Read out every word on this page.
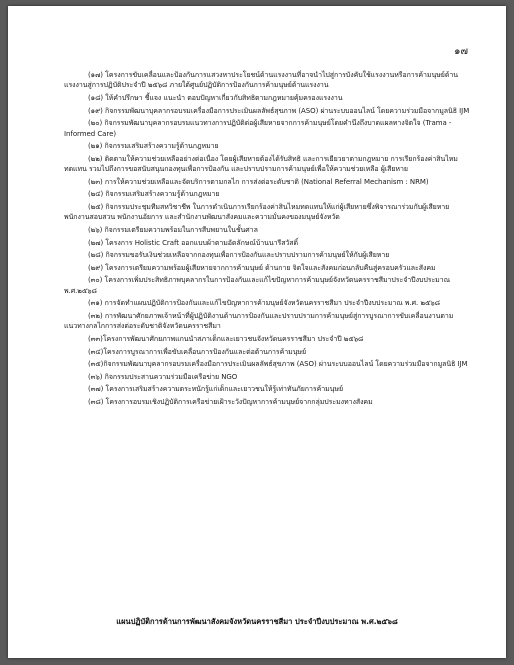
๑๗

(๑๗) โครงการขับเคลื่อนและป้องกันการแสวงหาประโยชน์ด้านแรงงานที่อาจนำไปสู่การบังคับใช้แรงงานหรือการค้ามนุษย์ด้านแรงงานสู่การปฏิบัติประจำปี ๒๕๖๘ ภายใต้ศูนย์ปฏิบัติการป้องกันการค้ามนุษย์ด้านแรงงาน

(๑๘) ให้คำปรึกษา ชี้แจง แนะนำ ตอบปัญหาเกี่ยวกับสิทธิตามกฎหมายคุ้มครองแรงงาน

(๑๙) กิจกรรมพัฒนาบุคลากรอบรมเครื่องมือการประเมินผลลัพธ์สุขภาพ (ASO) ผ่านระบบออนไลน์ โดยความร่วมมือจากมูลนิธิ IJM

(๒๐) กิจกรรมพัฒนาบุคลากรอบรมแนวทางการปฏิบัติต่อผู้เสียหายจากการค้ามนุษย์โดยคำนึงถึงบาดแผลทางจิตใจ (Trama -Informed Care)

(๒๑) กิจกรรมเสริมสร้างความรู้ด้านกฎหมาย

(๒๒) ติดตามให้ความช่วยเหลืออย่างต่อเนื่อง โดยผู้เสียหายต้องได้รับสิทธิ และการเยียวยาตามกฎหมาย การเรียกร้องค่าสินไหม ทดแทน รวมไปถึงการขอสนับสนุนกองทุนเพื่อการป้องกัน และปราบปรามการค้ามนุษย์เพื่อให้ความช่วยเหลือ ผู้เสียหาย

(๒๓) การให้ความช่วยเหลือและจัดบริการตามกลไก การส่งต่อระดับชาติ (National Referral Mechanism : NRM)

(๒๔) กิจกรรมเสริมสร้างความรู้ด้านกฎหมาย

(๒๕) กิจกรรมประชุมทีมสหวิชาชีพ ในการดำเนินการเรียกร้องค่าสินไหมทดแทนให้แก่ผู้เสียหายซึ่งพิจารณาร่วมกับผู้เสียหาย พนักงานสอบสวน พนักงานอัยการ และสำนักงานพัฒนาสังคมและความมั่นคงของมนุษย์จังหวัด

(๒๖) กิจกรรมเตรียมความพร้อมในการสืบพยานในชั้นศาล

(๒๗) โครงการ Holistic Craft ออกแบบผ้าตามอัตลักษณ์บ้านนารีสวัสดิ์

(๒๘) กิจกรรมขอรับเงินช่วยเหลือจากกองทุนเพื่อการป้องกันและปราบปรามการค้ามนุษย์ให้กับผู้เสียหาย

(๒๙) โครงการเตรียมความพร้อมผู้เสียหายจากการค้ามนุษย์ ด้านกาย จิตใจและสังคมก่อนกลับคืนสู่ครอบครัวและสังคม

(๓๐) โครงการเพิ่มประสิทธิภาพบุคลากรในการป้องกันและแก้ไขปัญหาการค้ามนุษย์จังหวัดนครราชสีมาประจำปีงบประมาณ พ.ศ.๒๕๖๘

(๓๑) การจัดทำแผนปฏิบัติการป้องกันและแก้ไขปัญหาการค้ามนุษย์จังหวัดนครราชสีมา ประจำปีงบประมาณ พ.ศ. ๒๕๖๘

(๓๒) การพัฒนาศักยภาพเจ้าหน้าที่ผู้ปฏิบัติงานด้านการป้องกันและปราบปรามการค้ามนุษย์สู่การบูรณาการขับเคลื่อนงานตามแนวทางกลไกการส่งต่อระดับชาติจังหวัดนครราชสีมา

(๓๓)โครงการพัฒนาศักยภาพแกนนำสภาเด็กและเยาวชนจังหวัดนครราชสีมา ประจำปี ๒๕๖๘

(๓๔)โครงการบูรณาการเพื่อขับเคลื่อนการป้องกันและต่อต้านการค้ามนุษย์

(๓๕)กิจกรรมพัฒนาบุคลากรอบรมเครื่องมือการประเมินผลลัพธ์สุขภาพ (ASO) ผ่านระบบออนไลน์ โดยความร่วมมือจากมูลนิธิ IJM

(๓๖) กิจกรรมประสานความร่วมมือเครือข่าย NGO

(๓๗) โครงการเสริมสร้างความตระหนักรู้แก่เด็กและเยาวชนให้รู้เท่าทันภัยการค้ามนุษย์

(๓๘) โครงการอบรมเชิงปฏิบัติการเครือข่ายเฝ้าระวังปัญหาการค้ามนุษย์จากกลุ่มประมงทางสังคม

แผนปฏิบัติการด้านการพัฒนาสังคมจังหวัดนครราชสีมา ประจำปีงบประมาณ พ.ศ.๒๕๖๘
